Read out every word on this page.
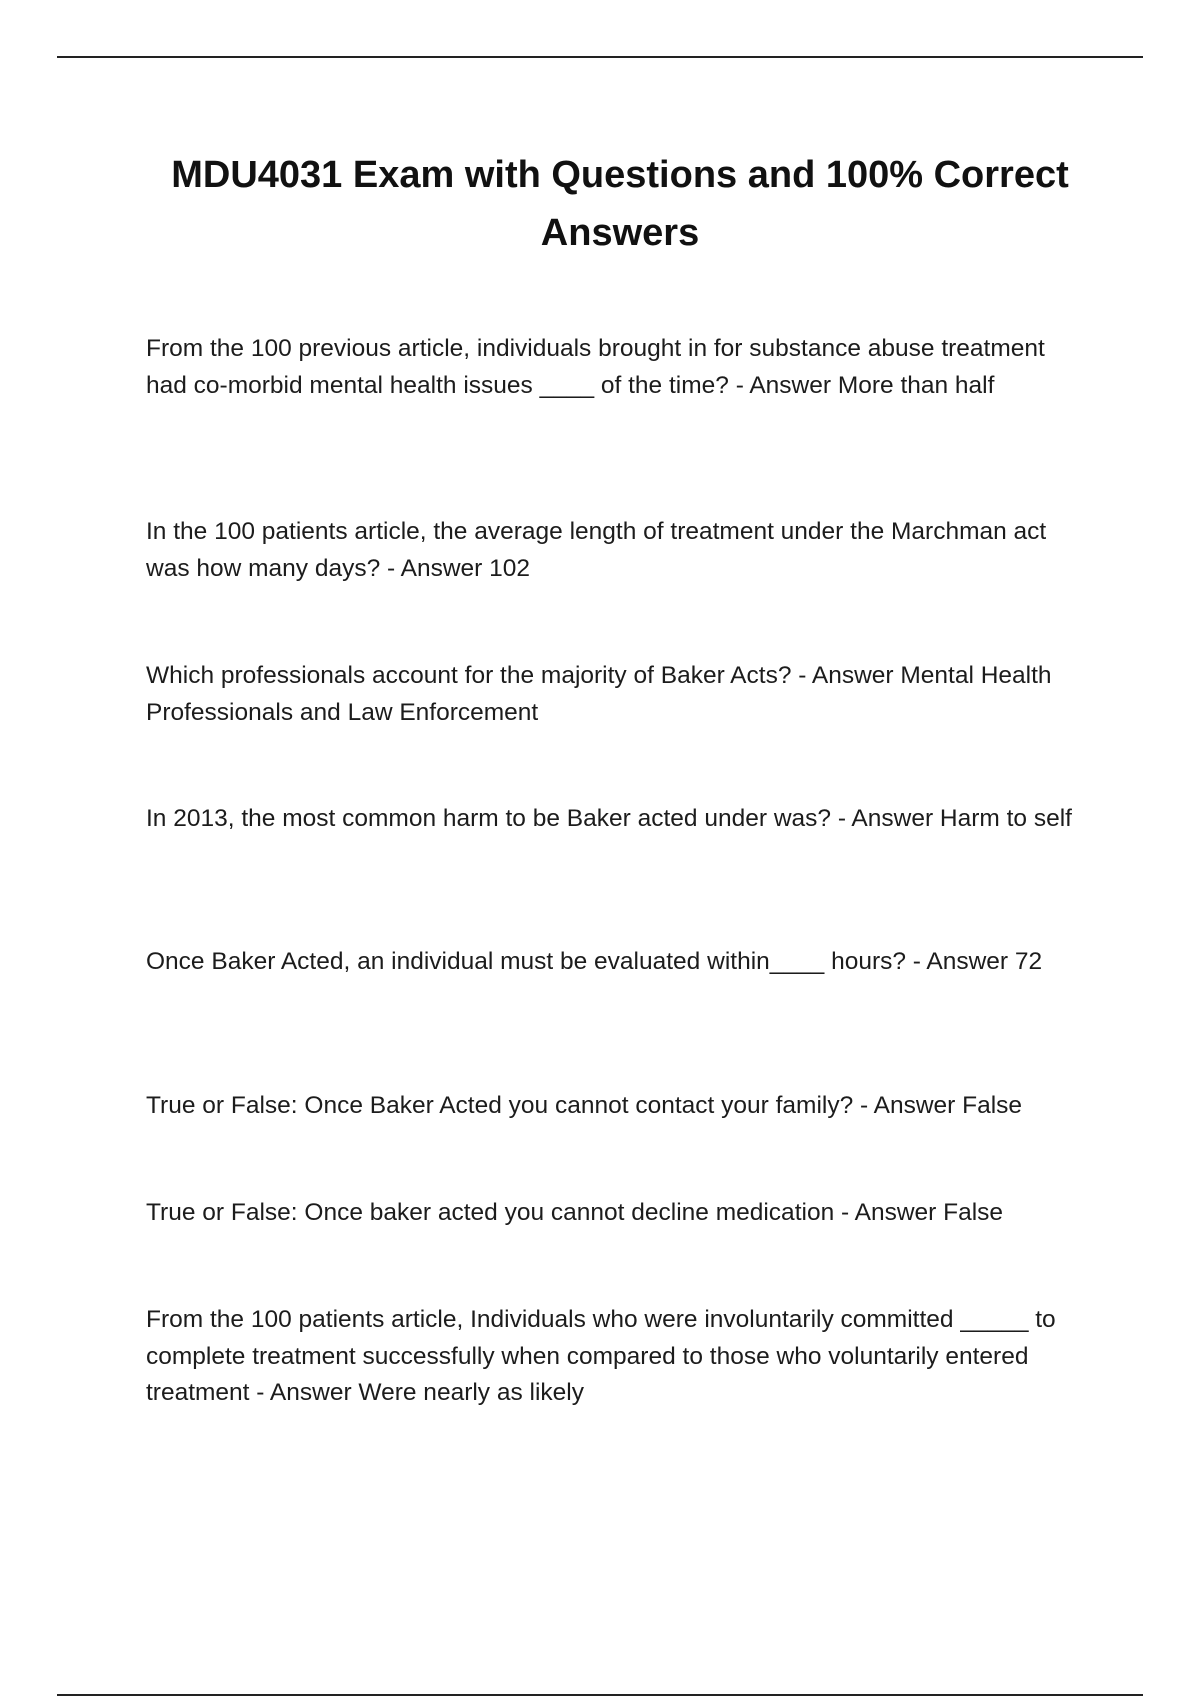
MDU4031 Exam with Questions and 100% Correct Answers

From the 100 previous article, individuals brought in for substance abuse treatment had co-morbid mental health issues ____ of the time? - Answer More than half

In the 100 patients article, the average length of treatment under the Marchman act was how many days? - Answer 102

Which professionals account for the majority of Baker Acts? - Answer Mental Health Professionals and Law Enforcement

In 2013, the most common harm to be Baker acted under was? - Answer Harm to self

Once Baker Acted, an individual must be evaluated within____ hours? - Answer 72

True or False: Once Baker Acted you cannot contact your family? - Answer False

True or False: Once baker acted you cannot decline medication - Answer False

From the 100 patients article, Individuals who were involuntarily committed _____ to complete treatment successfully when compared to those who voluntarily entered treatment - Answer Were nearly as likely
